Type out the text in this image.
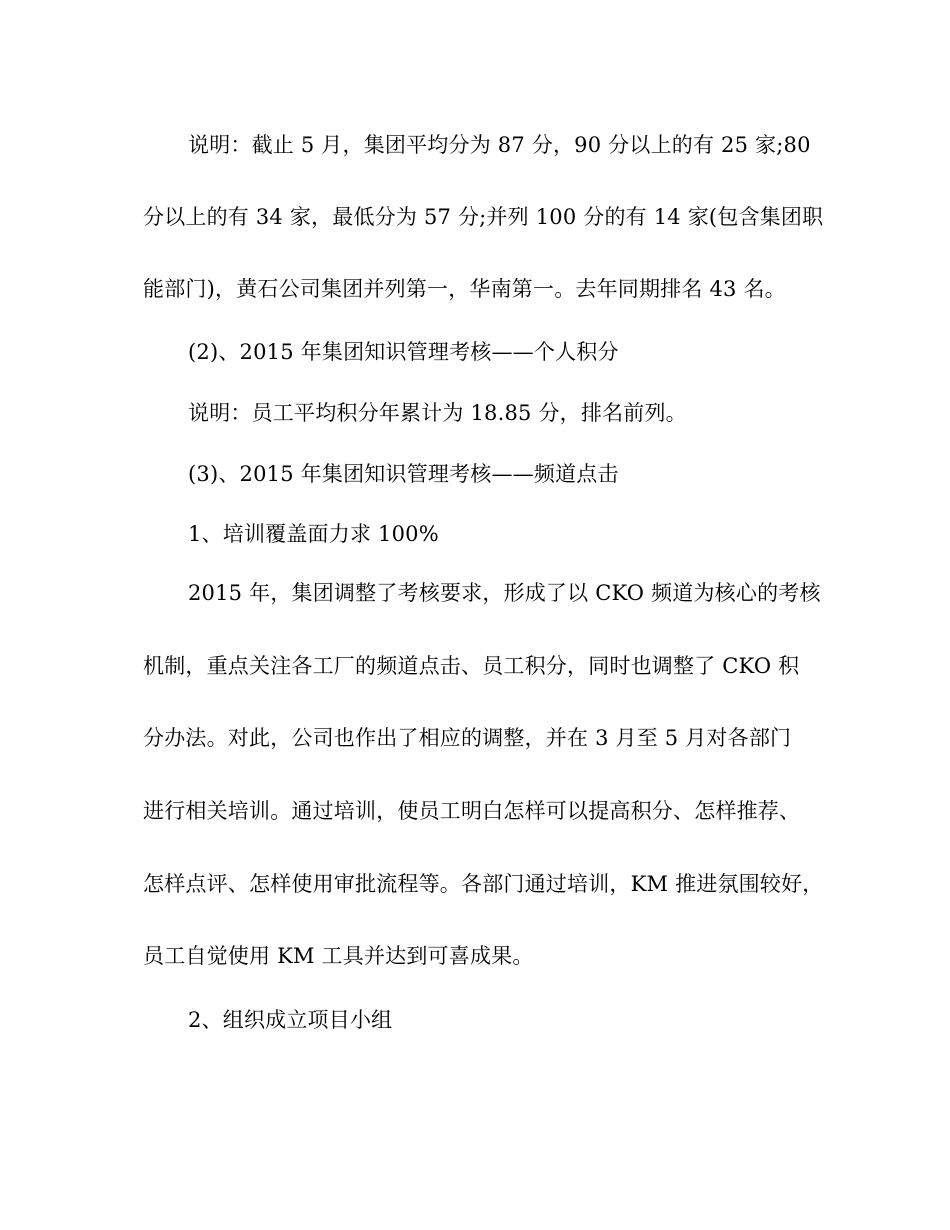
说明：截止 5 月，集团平均分为 87 分，90 分以上的有 25 家;80
分以上的有 34 家，最低分为 57 分;并列 100 分的有 14 家(包含集团职
能部门)，黄石公司集团并列第一，华南第一。去年同期排名 43 名。
(2)、2015 年集团知识管理考核——个人积分
说明：员工平均积分年累计为 18.85 分，排名前列。
(3)、2015 年集团知识管理考核——频道点击
1、培训覆盖面力求 100%
2015 年，集团调整了考核要求，形成了以 CKO 频道为核心的考核
机制，重点关注各工厂的频道点击、员工积分，同时也调整了 CKO 积
分办法。对此，公司也作出了相应的调整，并在 3 月至 5 月对各部门
进行相关培训。通过培训，使员工明白怎样可以提高积分、怎样推荐、
怎样点评、怎样使用审批流程等。各部门通过培训，KM 推进氛围较好，
员工自觉使用 KM 工具并达到可喜成果。
2、组织成立项目小组
